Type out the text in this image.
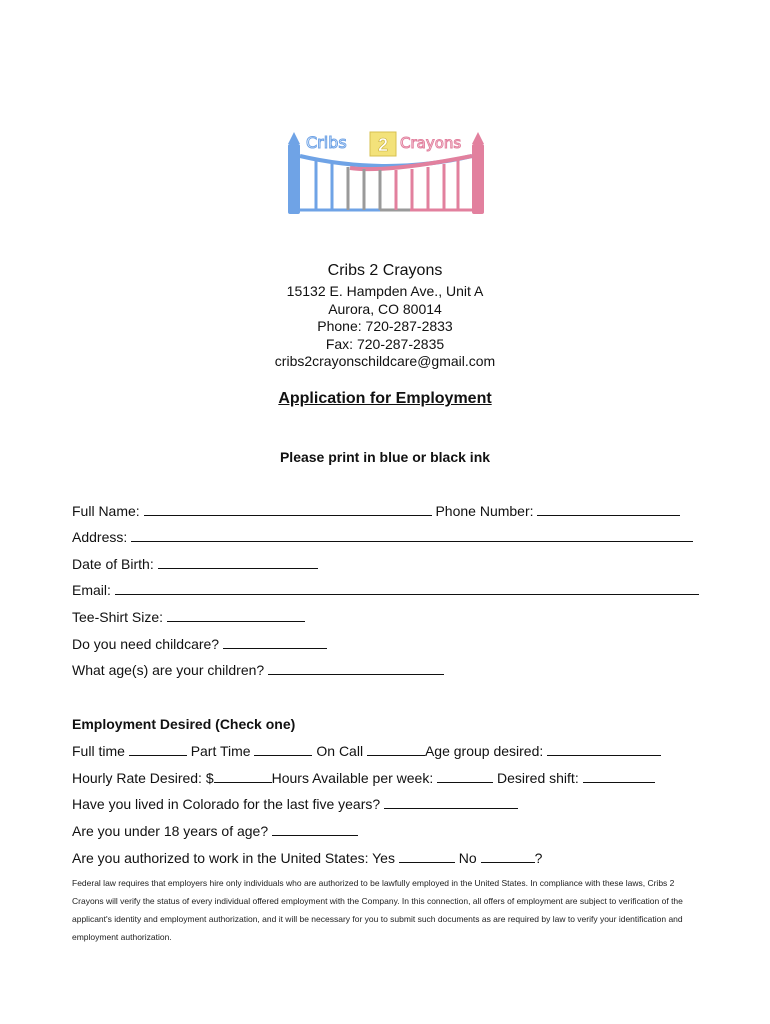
2
Cribs	Crayons
Cribs 2 Crayons
15132 E. Hampden Ave., Unit A
Aurora, CO 80014
Phone: 720-287-2833
Fax: 720-287-2835
cribs2crayonschildcare@gmail.com
Application for Employment
Please print in blue or black ink
Full Name:	Phone Number:
Address:
Date of Birth:
Email:
Tee-Shirt Size:
Do you need childcare?
What age(s) are your children?
Employment Desired (Check one)
Full time	Part Time	On Call	Age group desired:
Hourly Rate Desired: $	Hours Available per week:	Desired shift:
Have you lived in Colorado for the last five years?
Are you under 18 years of age?
Are you authorized to work in the United States: Yes	No	?
Federal law requires that employers hire only individuals who are authorized to be lawfully employed in the United States. In compliance with these laws, Cribs 2 Crayons will verify the status of every individual offered employment with the Company. In this connection, all offers of employment are subject to verification of the applicant's identity and employment authorization, and it will be necessary for you to submit such documents as are required by law to verify your identification and employment authorization.
